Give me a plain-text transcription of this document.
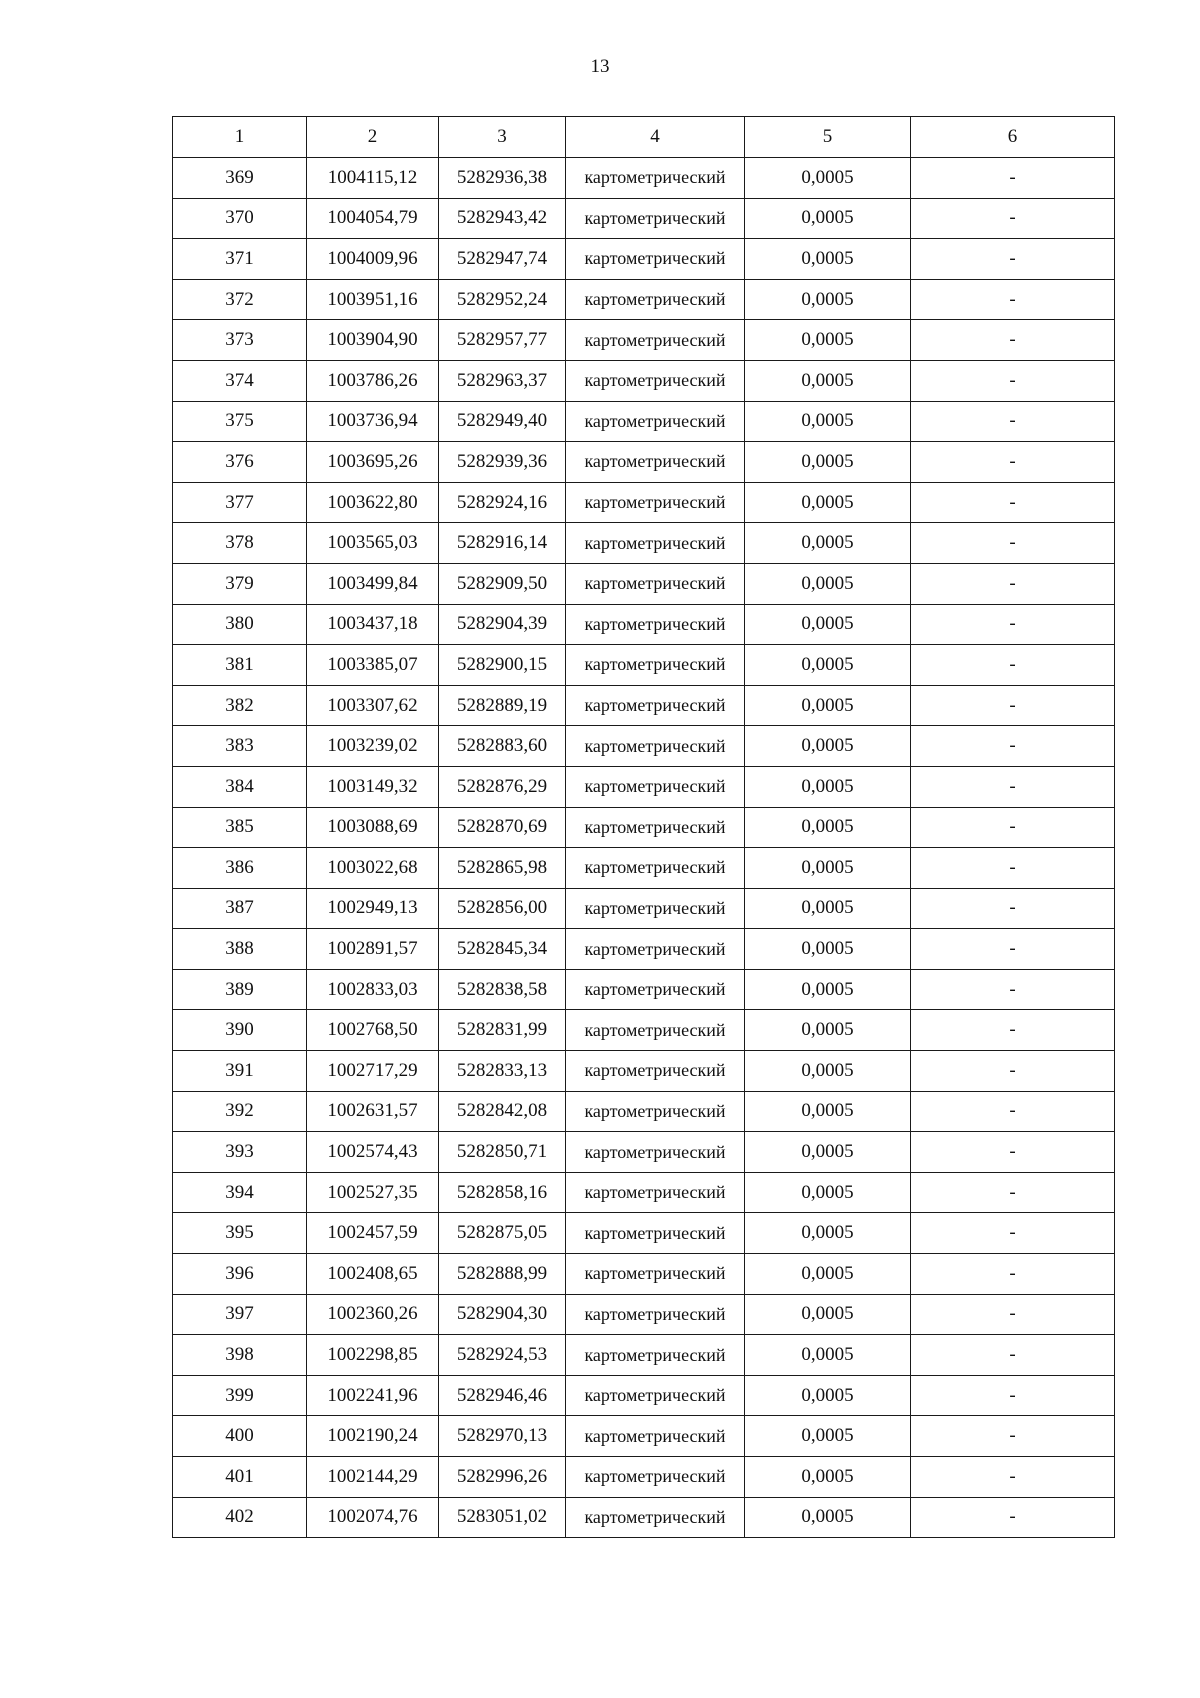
13
1	2	3	4	5	6
369	1004115,12	5282936,38	картометрический	0,0005	-
370	1004054,79	5282943,42	картометрический	0,0005	-
371	1004009,96	5282947,74	картометрический	0,0005	-
372	1003951,16	5282952,24	картометрический	0,0005	-
373	1003904,90	5282957,77	картометрический	0,0005	-
374	1003786,26	5282963,37	картометрический	0,0005	-
375	1003736,94	5282949,40	картометрический	0,0005	-
376	1003695,26	5282939,36	картометрический	0,0005	-
377	1003622,80	5282924,16	картометрический	0,0005	-
378	1003565,03	5282916,14	картометрический	0,0005	-
379	1003499,84	5282909,50	картометрический	0,0005	-
380	1003437,18	5282904,39	картометрический	0,0005	-
381	1003385,07	5282900,15	картометрический	0,0005	-
382	1003307,62	5282889,19	картометрический	0,0005	-
383	1003239,02	5282883,60	картометрический	0,0005	-
384	1003149,32	5282876,29	картометрический	0,0005	-
385	1003088,69	5282870,69	картометрический	0,0005	-
386	1003022,68	5282865,98	картометрический	0,0005	-
387	1002949,13	5282856,00	картометрический	0,0005	-
388	1002891,57	5282845,34	картометрический	0,0005	-
389	1002833,03	5282838,58	картометрический	0,0005	-
390	1002768,50	5282831,99	картометрический	0,0005	-
391	1002717,29	5282833,13	картометрический	0,0005	-
392	1002631,57	5282842,08	картометрический	0,0005	-
393	1002574,43	5282850,71	картометрический	0,0005	-
394	1002527,35	5282858,16	картометрический	0,0005	-
395	1002457,59	5282875,05	картометрический	0,0005	-
396	1002408,65	5282888,99	картометрический	0,0005	-
397	1002360,26	5282904,30	картометрический	0,0005	-
398	1002298,85	5282924,53	картометрический	0,0005	-
399	1002241,96	5282946,46	картометрический	0,0005	-
400	1002190,24	5282970,13	картометрический	0,0005	-
401	1002144,29	5282996,26	картометрический	0,0005	-
402	1002074,76	5283051,02	картометрический	0,0005	-
